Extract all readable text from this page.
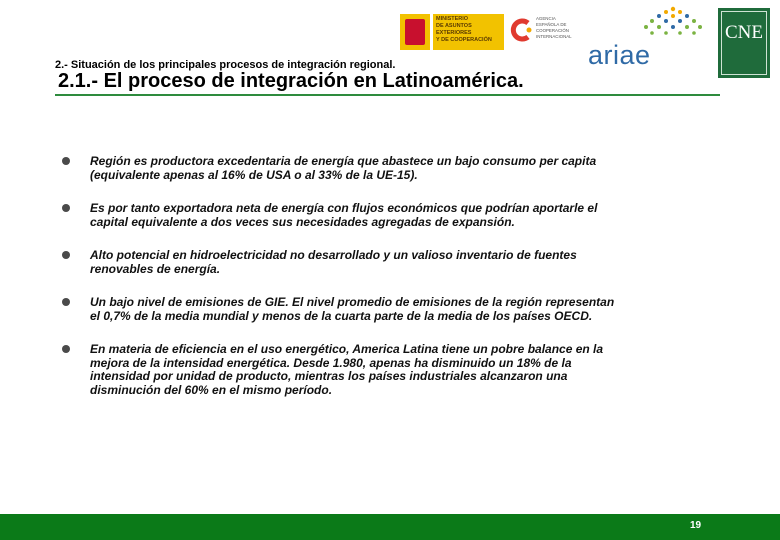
MINISTERIO
DE ASUNTOS EXTERIORES
Y DE COOPERACIÓN
AGENCIA
ESPAÑOLA DE
COOPERACIÓN
INTERNACIONAL
ariae
CNE
2.- Situación de los principales procesos de integración regional.
2.1.- El proceso de integración en Latinoamérica.
Región es productora excedentaria de energía que abastece un bajo consumo per capita
(equivalente apenas al 16% de USA o al 33% de la UE-15).
Es por tanto exportadora neta de energía con flujos económicos que podrían aportarle el
capital equivalente a dos veces sus necesidades agregadas de expansión.
Alto potencial en hidroelectricidad no desarrollado y un valioso inventario de fuentes
renovables de energía.
Un bajo nivel de emisiones de GIE. El nivel promedio de emisiones de la región representan
el 0,7% de la media mundial y menos de la cuarta parte de la media de los países OECD.
En materia de eficiencia en el uso energético, America Latina tiene un pobre balance en la
mejora de la intensidad energética. Desde 1.980, apenas ha disminuido un 18% de la
intensidad por unidad de producto, mientras los países industriales alcanzaron una
disminución del 60% en el mismo período.
19
